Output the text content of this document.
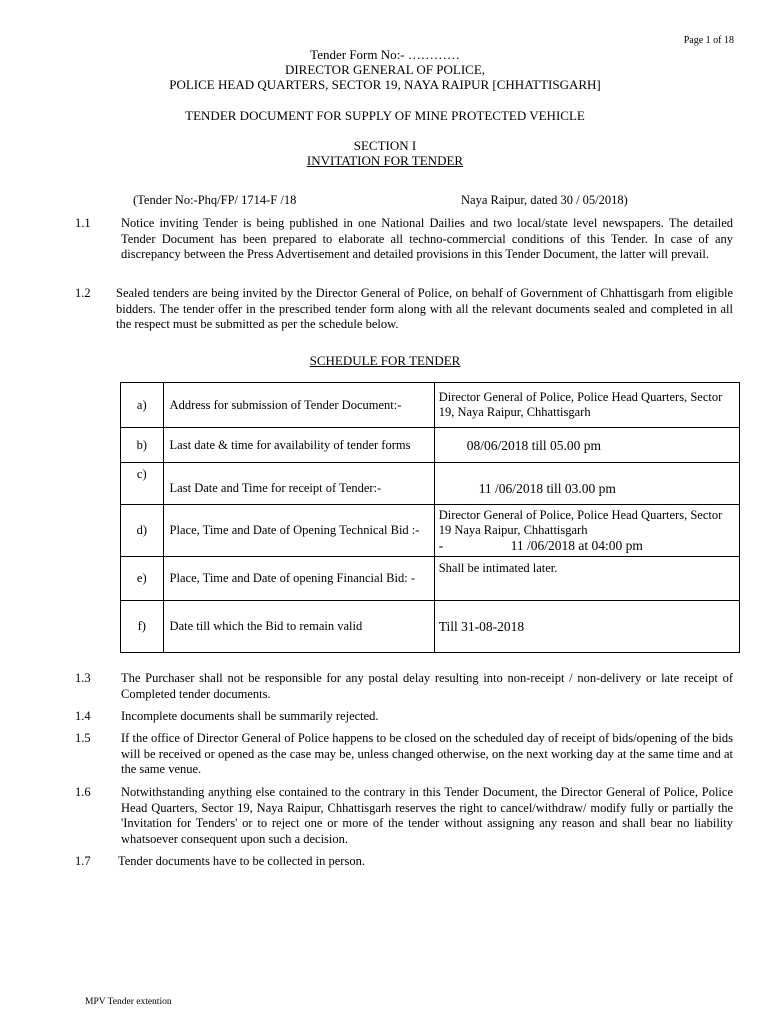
Page 1 of 18
Tender Form No:- …………
DIRECTOR GENERAL OF POLICE,
POLICE HEAD QUARTERS, SECTOR 19, NAYA RAIPUR [CHHATTISGARH]
TENDER DOCUMENT FOR SUPPLY OF MINE PROTECTED VEHICLE
SECTION I
INVITATION FOR TENDER
(Tender No:-Phq/FP/ 1714-F /18	Naya Raipur, dated 30 / 05/2018)
1.1 Notice inviting Tender is being published in one National Dailies and two local/state level newspapers. The detailed Tender Document has been prepared to elaborate all techno-commercial conditions of this Tender. In case of any discrepancy between the Press Advertisement and detailed provisions in this Tender Document, the latter will prevail.
1.2 Sealed tenders are being invited by the Director General of Police, on behalf of Government of Chhattisgarh from eligible bidders. The tender offer in the prescribed tender form along with all the relevant documents sealed and completed in all the respect must be submitted as per the schedule below.
SCHEDULE FOR TENDER
a)	Address for submission of Tender Document:-	Director General of Police, Police Head Quarters, Sector 19, Naya Raipur, Chhattisgarh
b)	Last date & time for availability of tender forms	08/06/2018 till 05.00 pm
c)	Last Date and Time for receipt of Tender:-	11 /06/2018 till 03.00 pm
d)	Place, Time and Date of Opening Technical Bid :-	Director General of Police, Police Head Quarters, Sector 19 Naya Raipur, Chhattisgarh
-                    11 /06/2018 at 04:00 pm

e)	Place, Time and Date of opening Financial Bid: -	Shall be intimated later.
f)	Date till which the Bid to remain valid	Till 31-08-2018
1.3 The Purchaser shall not be responsible for any postal delay resulting into non-receipt / non-delivery or late receipt of Completed tender documents.
1.4 Incomplete documents shall be summarily rejected.
1.5 If the office of Director General of Police happens to be closed on the scheduled day of receipt of bids/opening of the bids will be received or opened as the case may be, unless changed otherwise, on the next working day at the same time and at the same venue.
1.6 Notwithstanding anything else contained to the contrary in this Tender Document, the Director General of Police, Police Head Quarters, Sector 19, Naya Raipur, Chhattisgarh reserves the right to cancel/withdraw/ modify fully or partially the 'Invitation for Tenders' or to reject one or more of the tender without assigning any reason and shall bear no liability whatsoever consequent upon such a decision.
1.7 Tender documents have to be collected in person.
MPV Tender extention
